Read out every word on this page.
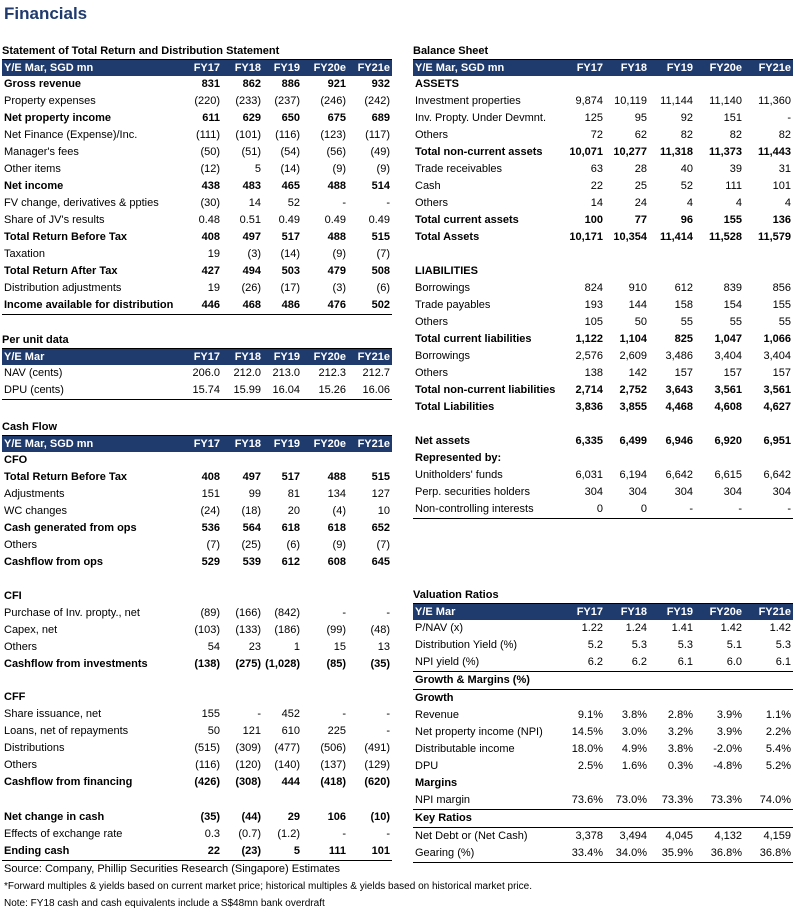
Financials
Statement of Total Return and Distribution Statement
Y/E Mar, SGD mn	FY17	FY18	FY19	FY20e	FY21e
Gross revenue	831	862	886	921	932
Property expenses	(220)	(233)	(237)	(246)	(242)
Net property income	611	629	650	675	689
Net Finance (Expense)/Inc.	(111)	(101)	(116)	(123)	(117)
Manager's fees	(50)	(51)	(54)	(56)	(49)
Other items	(12)	5	(14)	(9)	(9)
Net income	438	483	465	488	514
FV change, derivatives & ppties	(30)	14	52	-	-
Share of JV's results	0.48	0.51	0.49	0.49	0.49
Total Return Before Tax	408	497	517	488	515
Taxation	19	(3)	(14)	(9)	(7)
Total Return After Tax	427	494	503	479	508
Distribution adjustments	19	(26)	(17)	(3)	(6)
Income available for distribution	446	468	486	476	502
Per unit data
Y/E Mar	FY17	FY18	FY19	FY20e	FY21e
NAV (cents)	206.0	212.0	213.0	212.3	212.7
DPU (cents)	15.74	15.99	16.04	15.26	16.06
Cash Flow
Y/E Mar, SGD mn	FY17	FY18	FY19	FY20e	FY21e
CFO					
Total Return Before Tax	408	497	517	488	515
Adjustments	151	99	81	134	127
WC changes	(24)	(18)	20	(4)	10
Cash generated from ops	536	564	618	618	652
Others	(7)	(25)	(6)	(9)	(7)
Cashflow from ops	529	539	612	608	645
CFI					
Purchase of Inv. propty., net	(89)	(166)	(842)	-	-
Capex, net	(103)	(133)	(186)	(99)	(48)
Others	54	23	1	15	13
Cashflow from investments	(138)	(275)	(1,028)	(85)	(35)
CFF					
Share issuance, net	155	-	452	-	-
Loans, net of repayments	50	121	610	225	-
Distributions	(515)	(309)	(477)	(506)	(491)
Others	(116)	(120)	(140)	(137)	(129)
Cashflow from financing	(426)	(308)	444	(418)	(620)
Net change in cash	(35)	(44)	29	106	(10)
Effects of exchange rate	0.3	(0.7)	(1.2)	-	-
Ending cash	22	(23)	5	111	101
Balance Sheet
Y/E Mar, SGD mn	FY17	FY18	FY19	FY20e	FY21e
ASSETS					
Investment properties	9,874	10,119	11,144	11,140	11,360
Inv. Propty. Under Devmnt.	125	95	92	151	-
Others	72	62	82	82	82
Total non-current assets	10,071	10,277	11,318	11,373	11,443
Trade receivables	63	28	40	39	31
Cash	22	25	52	111	101
Others	14	24	4	4	4
Total current assets	100	77	96	155	136
Total Assets	10,171	10,354	11,414	11,528	11,579

LIABILITIES					
Borrowings	824	910	612	839	856
Trade payables	193	144	158	154	155
Others	105	50	55	55	55
Total current liabilities	1,122	1,104	825	1,047	1,066
Borrowings	2,576	2,609	3,486	3,404	3,404
Others	138	142	157	157	157
Total non-current liabilities	2,714	2,752	3,643	3,561	3,561
Total Liabilities	3,836	3,855	4,468	4,608	4,627

Net assets	6,335	6,499	6,946	6,920	6,951
Represented by:					
Unitholders' funds	6,031	6,194	6,642	6,615	6,642
Perp. securities holders	304	304	304	304	304
Non-controlling interests	0	0	-	-	-
Valuation Ratios
Y/E Mar	FY17	FY18	FY19	FY20e	FY21e
P/NAV (x)	1.22	1.24	1.41	1.42	1.42
Distribution Yield (%)	5.2	5.3	5.3	5.1	5.3
NPI yield (%)	6.2	6.2	6.1	6.0	6.1
Growth & Margins (%)					
Growth					
Revenue	9.1%	3.8%	2.8%	3.9%	1.1%
Net property income (NPI)	14.5%	3.0%	3.2%	3.9%	2.2%
Distributable income	18.0%	4.9%	3.8%	-2.0%	5.4%
DPU	2.5%	1.6%	0.3%	-4.8%	5.2%
Margins					
NPI margin	73.6%	73.0%	73.3%	73.3%	74.0%
Key Ratios					
Net Debt or (Net Cash)	3,378	3,494	4,045	4,132	4,159
Gearing (%)	33.4%	34.0%	35.9%	36.8%	36.8%
Source: Company, Phillip Securities Research (Singapore) Estimates
*Forward multiples & yields based on current market price; historical multiples & yields based on historical market price.
Note: FY18 cash and cash equivalents include a S$48mn bank overdraft
